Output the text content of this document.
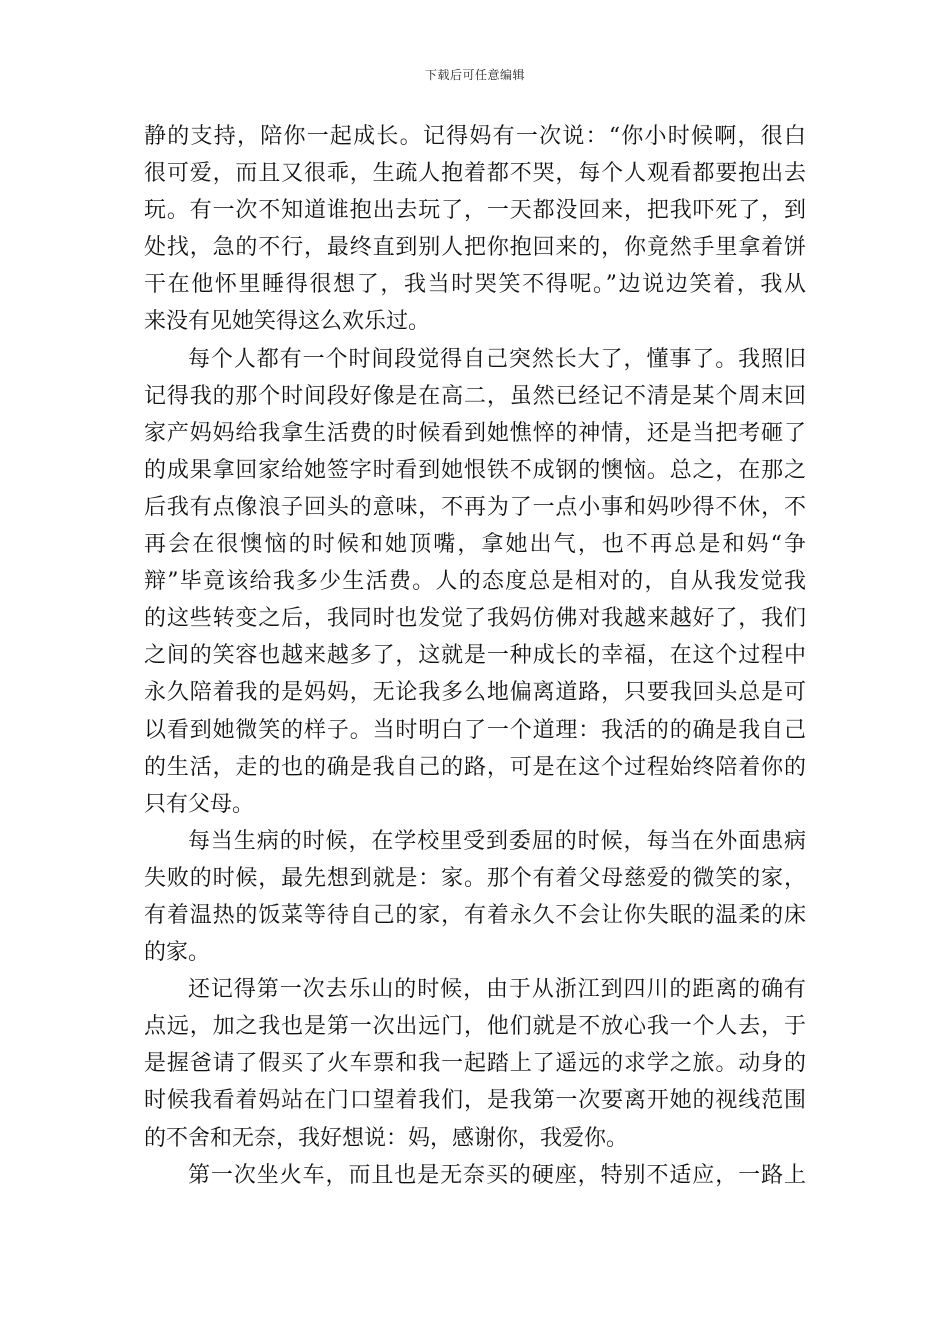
下载后可任意编辑
静的支持，陪你一起成长。记得妈有一次说：“你小时候啊，很白
很可爱，而且又很乖，生疏人抱着都不哭，每个人观看都要抱出去
玩。有一次不知道谁抱出去玩了，一天都没回来，把我吓死了，到
处找，急的不行，最终直到别人把你抱回来的，你竟然手里拿着饼
干在他怀里睡得很想了，我当时哭笑不得呢。”边说边笑着，我从
来没有见她笑得这么欢乐过。
每个人都有一个时间段觉得自己突然长大了，懂事了。我照旧
记得我的那个时间段好像是在高二，虽然已经记不清是某个周末回
家产妈妈给我拿生活费的时候看到她憔悴的神情，还是当把考砸了
的成果拿回家给她签字时看到她恨铁不成钢的懊恼。总之，在那之
后我有点像浪子回头的意味，不再为了一点小事和妈吵得不休，不
再会在很懊恼的时候和她顶嘴，拿她出气，也不再总是和妈“争
辩”毕竟该给我多少生活费。人的态度总是相对的，自从我发觉我
的这些转变之后，我同时也发觉了我妈仿佛对我越来越好了，我们
之间的笑容也越来越多了，这就是一种成长的幸福，在这个过程中
永久陪着我的是妈妈，无论我多么地偏离道路，只要我回头总是可
以看到她微笑的样子。当时明白了一个道理：我活的的确是我自己
的生活，走的也的确是我自己的路，可是在这个过程始终陪着你的
只有父母。
每当生病的时候，在学校里受到委屈的时候，每当在外面患病
失败的时候，最先想到就是：家。那个有着父母慈爱的微笑的家，
有着温热的饭菜等待自己的家，有着永久不会让你失眠的温柔的床
的家。
还记得第一次去乐山的时候，由于从浙江到四川的距离的确有
点远，加之我也是第一次出远门，他们就是不放心我一个人去，于
是握爸请了假买了火车票和我一起踏上了遥远的求学之旅。动身的
时候我看着妈站在门口望着我们，是我第一次要离开她的视线范围
的不舍和无奈，我好想说：妈，感谢你，我爱你。
第一次坐火车，而且也是无奈买的硬座，特别不适应，一路上
